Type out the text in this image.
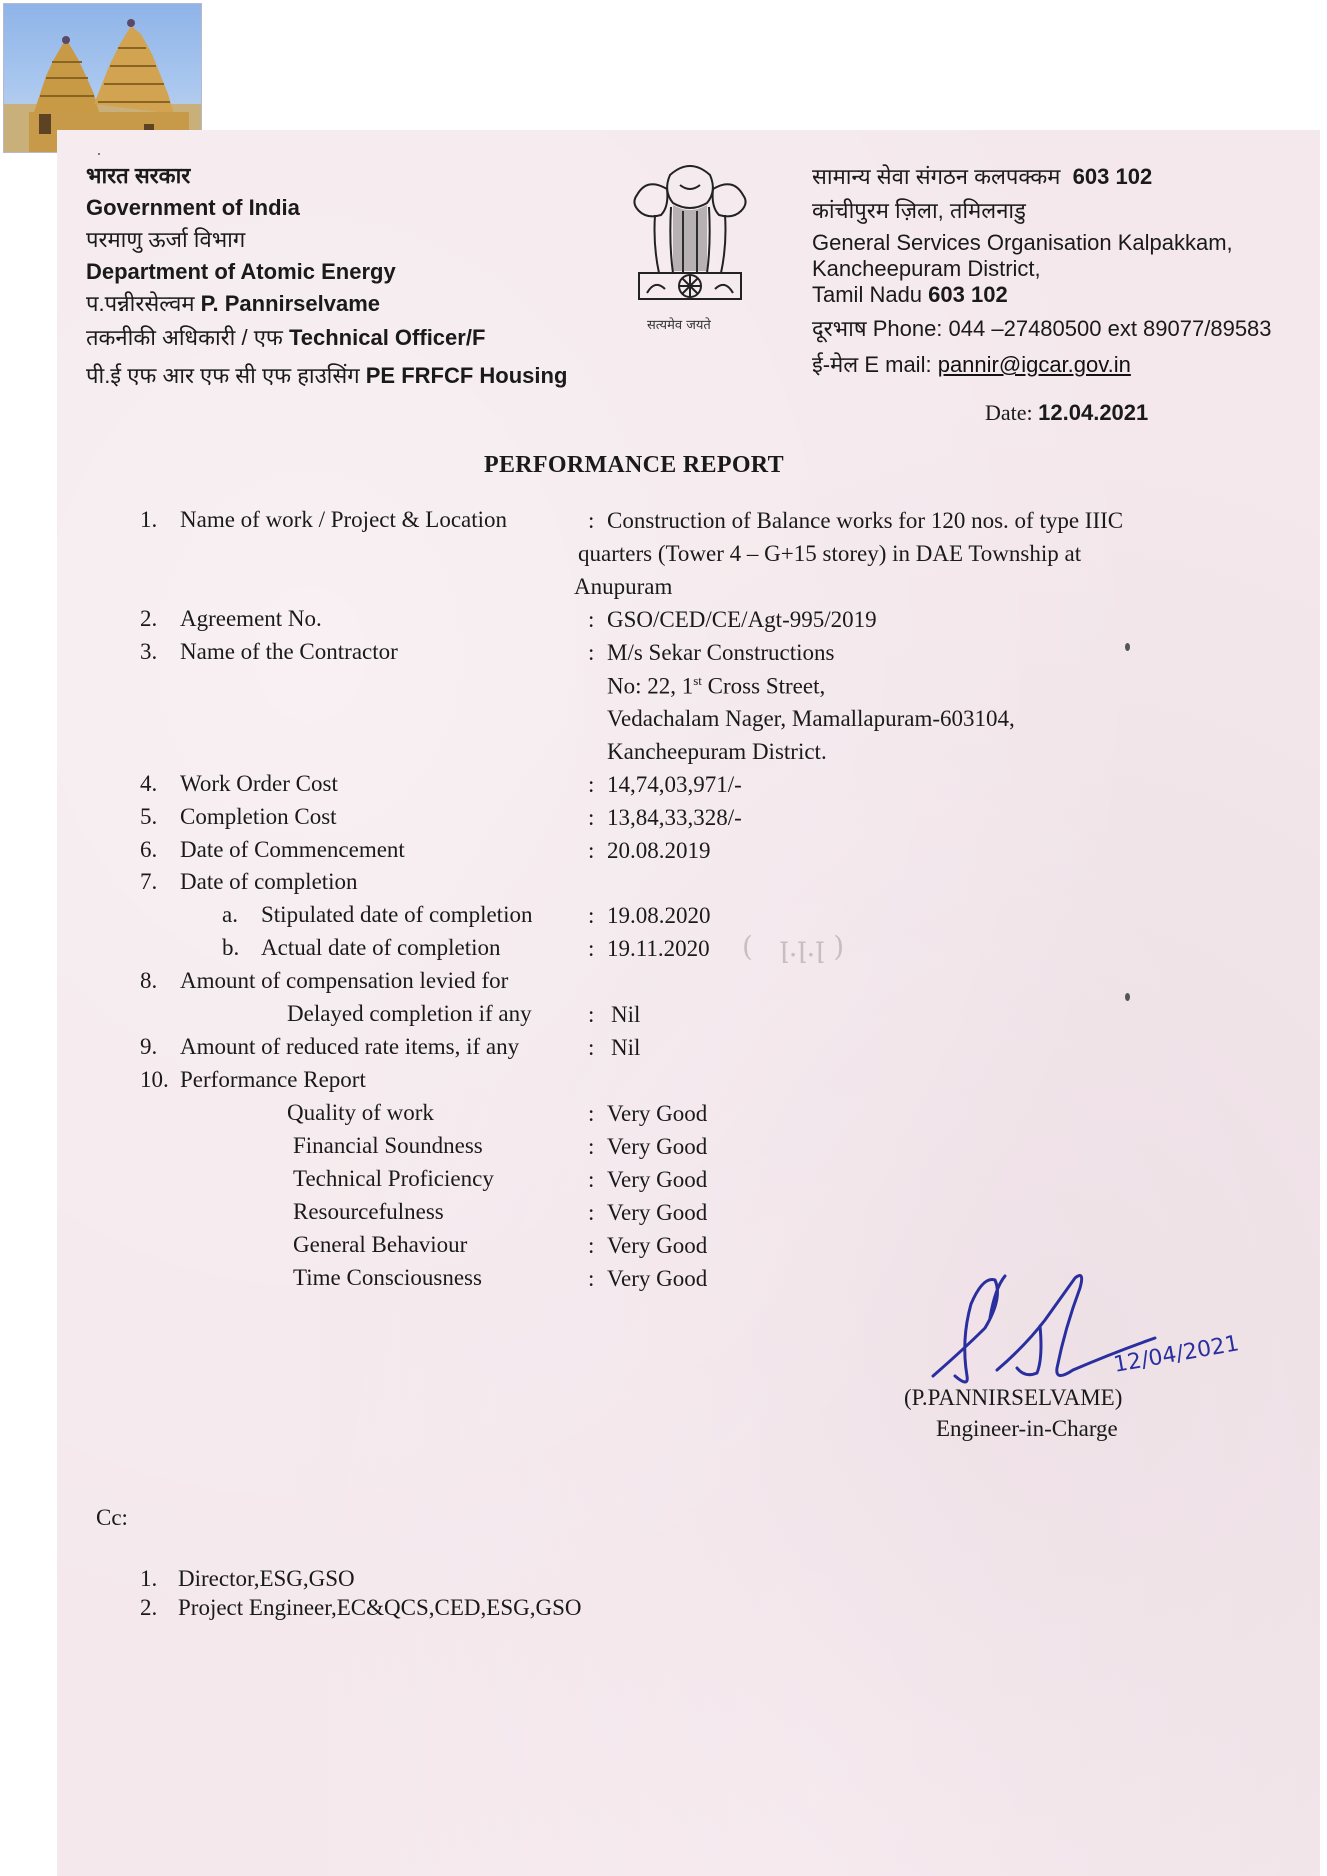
भारत सरकार
Government of India
परमाणु ऊर्जा विभाग
Department of Atomic Energy
प.पन्नीरसेल्वम P. Pannirselvame
तकनीकी अधिकारी / एफ Technical Officer/F
पी.ई एफ आर एफ सी एफ हाउसिंग PE FRFCF Housing
सत्यमेव जयते
सामान्य सेवा संगठन कलपक्कम 603 102
कांचीपुरम ज़िला, तमिलनाडु
General Services Organisation Kalpakkam,
Kancheepuram District,
Tamil Nadu 603 102
दूरभाष Phone: 044 –27480500 ext 89077/89583
ई-मेल E mail: pannir@igcar.gov.in
Date: 12.04.2021
PERFORMANCE REPORT
1. Name of work / Project & Location	: Construction of Balance works for 120 nos. of type IIIC
quarters (Tower 4 – G+15 storey) in DAE Township at
Anupuram
2. Agreement No.	: GSO/CED/CE/Agt-995/2019
3. Name of the Contractor	: M/s Sekar Constructions
No: 22, 1st Cross Street,
Vedachalam Nager, Mamallapuram-603104,
Kancheepuram District.
4. Work Order Cost	: 14,74,03,971/-
5. Completion Cost	: 13,84,33,328/-
6. Date of Commencement	: 20.08.2019
7. Date of completion
a. Stipulated date of completion : 19.08.2020
b. Actual date of completion	: 19.11.2020 (   ꞁ.ꞁ.ꞁ )
8. Amount of compensation levied for
Delayed completion if any : Nil
9. Amount of reduced rate items, if any	: Nil
10. Performance Report
Quality of work	: Very Good
Financial Soundness	: Very Good
Technical Proficiency	: Very Good
Resourcefulness	: Very Good
General Behaviour	: Very Good
Time Consciousness	: Very Good
12/04/2021
(P.PANNIRSELVAME)
Engineer-in-Charge
Cc:
1. Director,ESG,GSO
2. Project Engineer,EC&QCS,CED,ESG,GSO
